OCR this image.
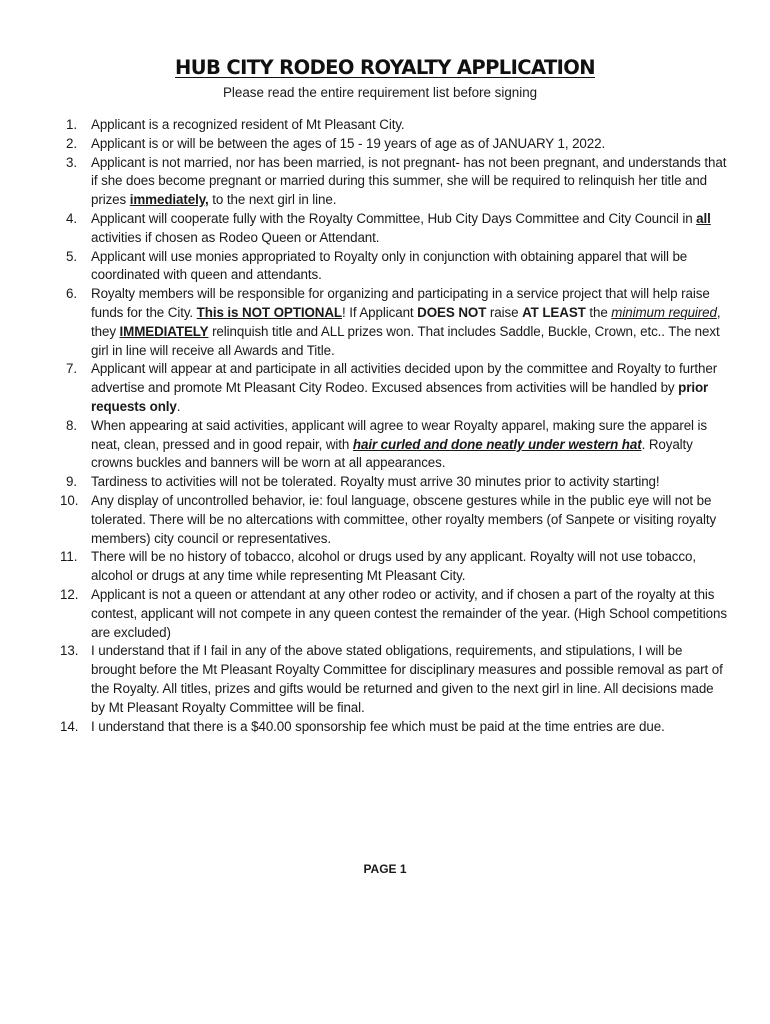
HUB CITY RODEO ROYALTY APPLICATION
Please read the entire requirement list before signing
1. Applicant is a recognized resident of Mt Pleasant City.
2. Applicant is or will be between the ages of 15 - 19 years of age as of JANUARY 1, 2022.
3. Applicant is not married, nor has been married, is not pregnant- has not been pregnant, and understands that if she does become pregnant or married during this summer, she will be required to relinquish her title and prizes immediately, to the next girl in line.
4. Applicant will cooperate fully with the Royalty Committee, Hub City Days Committee and City Council in all activities if chosen as Rodeo Queen or Attendant.
5. Applicant will use monies appropriated to Royalty only in conjunction with obtaining apparel that will be coordinated with queen and attendants.
6. Royalty members will be responsible for organizing and participating in a service project that will help raise funds for the City. This is NOT OPTIONAL! If Applicant DOES NOT raise AT LEAST the minimum required, they IMMEDIATELY relinquish title and ALL prizes won. That includes Saddle, Buckle, Crown, etc.. The next girl in line will receive all Awards and Title.
7. Applicant will appear at and participate in all activities decided upon by the committee and Royalty to further advertise and promote Mt Pleasant City Rodeo. Excused absences from activities will be handled by prior requests only.
8. When appearing at said activities, applicant will agree to wear Royalty apparel, making sure the apparel is neat, clean, pressed and in good repair, with hair curled and done neatly under western hat. Royalty crowns buckles and banners will be worn at all appearances.
9. Tardiness to activities will not be tolerated. Royalty must arrive 30 minutes prior to activity starting!
10. Any display of uncontrolled behavior, ie: foul language, obscene gestures while in the public eye will not be tolerated. There will be no altercations with committee, other royalty members (of Sanpete or visiting royalty members) city council or representatives.
11. There will be no history of tobacco, alcohol or drugs used by any applicant. Royalty will not use tobacco, alcohol or drugs at any time while representing Mt Pleasant City.
12. Applicant is not a queen or attendant at any other rodeo or activity, and if chosen a part of the royalty at this contest, applicant will not compete in any queen contest the remainder of the year. (High School competitions are excluded)
13. I understand that if I fail in any of the above stated obligations, requirements, and stipulations, I will be brought before the Mt Pleasant Royalty Committee for disciplinary measures and possible removal as part of the Royalty. All titles, prizes and gifts would be returned and given to the next girl in line. All decisions made by Mt Pleasant Royalty Committee will be final.
14. I understand that there is a $40.00 sponsorship fee which must be paid at the time entries are due.
PAGE 1
